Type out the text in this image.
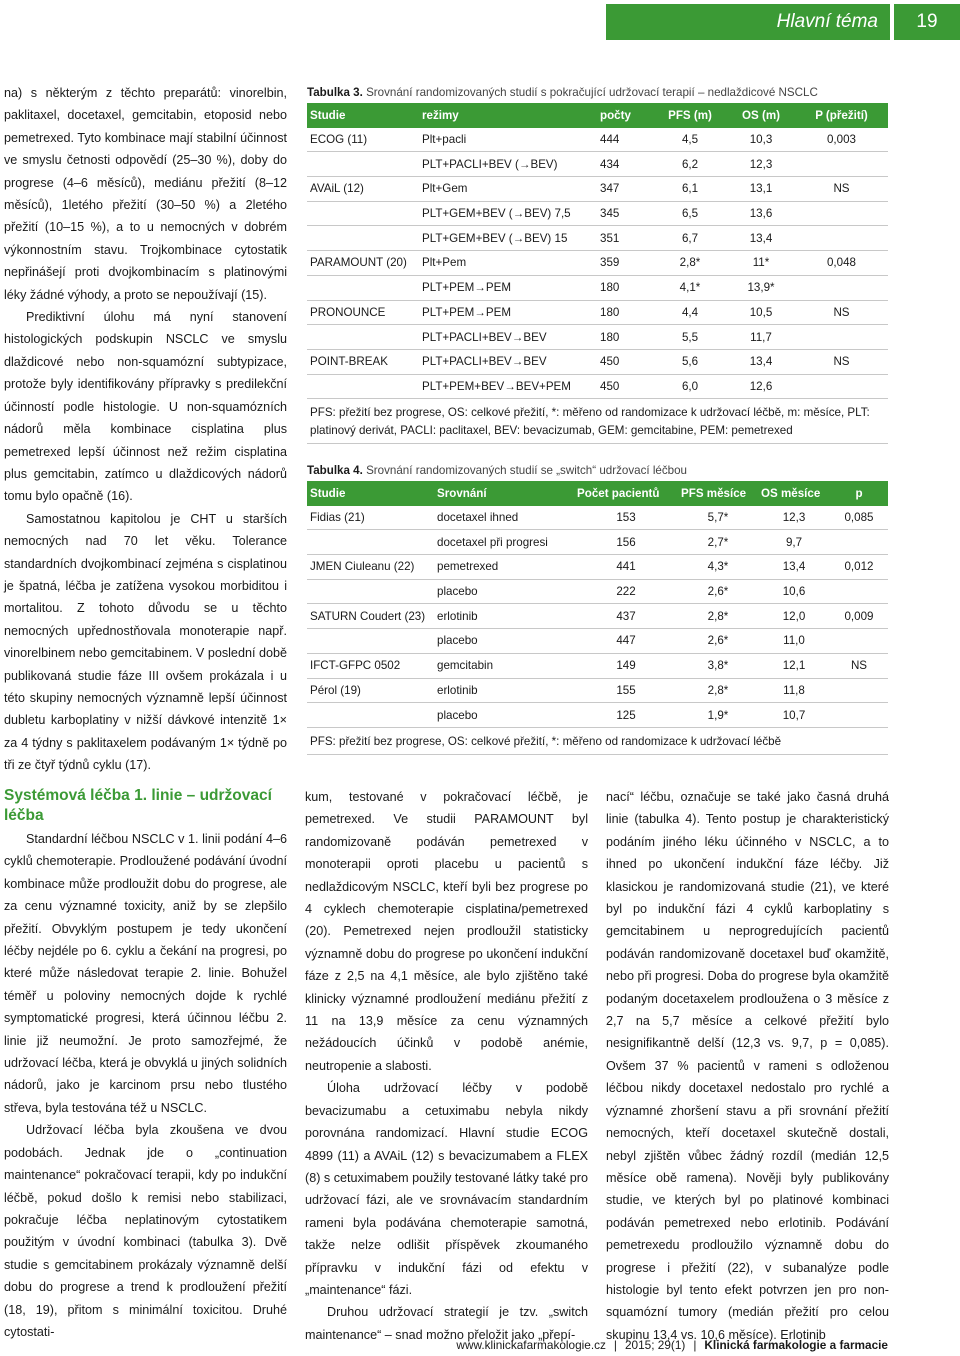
Hlavní téma	19

na) s některým z těchto preparátů: vinorelbin, paklitaxel, docetaxel, gemcitabin, etoposid nebo pemetrexed. Tyto kombinace mají stabilní účinnost ve smyslu četnosti odpovědí (25–30 %), doby do progrese (4–6 měsíců), mediánu přežití (8–12 měsíců), 1letého přežití (30–50 %) a 2letého přežití (10–15 %), a to u nemocných v dobrém výkonnostním stavu. Trojkombinace cytostatik nepřinášejí proti dvojkombinacím s platinovými léky žádné výhody, a proto se nepoužívají (15).

Prediktivní úlohu má nyní stanovení histologických podskupin NSCLC ve smyslu dlaždicové nebo non-squamózní subtypizace, protože byly identifikovány přípravky s predilekční účinností podle histologie. U non-squamózních nádorů měla kombinace cisplatina plus pemetrexed lepší účinnost než režim cisplatina plus gemcitabin, zatímco u dlaždicových nádorů tomu bylo opačně (16).

Samostatnou kapitolou je CHT u starších nemocných nad 70 let věku. Tolerance standardních dvojkombinací zejména s cisplatinou je špatná, léčba je zatížena vysokou morbiditou i mortalitou. Z tohoto důvodu se u těchto nemocných upřednostňovala monoterapie např. vinorelbinem nebo gemcitabinem. V poslední době publikovaná studie fáze III ovšem prokázala i u této skupiny nemocných významně lepší účinnost dubletu karboplatiny v nižší dávkové intenzitě 1× za 4 týdny s paklitaxelem podávaným 1× týdně po tři ze čtyř týdnů cyklu (17).

Tabulka 3. Srovnání randomizovaných studií s pokračující udržovací terapií – nedlaždicové NSCLC
Studie	režimy	počty	PFS (m)	OS (m)	P (přežití)
ECOG (11)	Plt+pacli	444	4,5	10,3	0,003
PLT+PACLI+BEV (→BEV)	434	6,2	12,3
AVAiL (12)	Plt+Gem	347	6,1	13,1	NS
PLT+GEM+BEV (→BEV) 7,5	345	6,5	13,6
PLT+GEM+BEV (→BEV) 15	351	6,7	13,4
PARAMOUNT (20)	Plt+Pem	359	2,8*	11*	0,048
PLT+PEM→PEM	180	4,1*	13,9*
PRONOUNCE	PLT+PEM→PEM	180	4,4	10,5	NS
PLT+PACLI+BEV→BEV	180	5,5	11,7
POINT-BREAK	PLT+PACLI+BEV→BEV	450	5,6	13,4	NS
PLT+PEM+BEV→BEV+PEM	450	6,0	12,6
PFS: přežití bez progrese, OS: celkové přežití, *: měřeno od randomizace k udržovací léčbě, m: měsíce, PLT: platinový derivát, PACLI: paclitaxel, BEV: bevacizumab, GEM: gemcitabine, PEM: pemetrexed
Tabulka 4. Srovnání randomizovaných studií se „switch“ udržovací léčbou
Studie	Srovnání	Počet pacientů	PFS měsíce	OS měsíce	p
Fidias (21)	docetaxel ihned	153	5,7*	12,3	0,085
docetaxel při progresi	156	2,7*	9,7
JMEN Ciuleanu (22)	pemetrexed	441	4,3*	13,4	0,012
placebo	222	2,6*	10,6
SATURN Coudert (23)	erlotinib	437	2,8*	12,0	0,009
placebo	447	2,6*	11,0
IFCT-GFPC 0502	gemcitabin	149	3,8*	12,1	NS
Pérol (19)	erlotinib	155	2,8*	11,8
placebo	125	1,9*	10,7
PFS: přežití bez progrese, OS: celkové přežití, *: měřeno od randomizace k udržovací léčbě
Systémová léčba 1. linie – udržovací léčba

Standardní léčbou NSCLC v 1. linii podání 4–6 cyklů chemoterapie. Prodloužené podávání úvodní kombinace může prodloužit dobu do progrese, ale za cenu významné toxicity, aniž by se zlepšilo přežití. Obvyklým postupem je tedy ukončení léčby nejdéle po 6. cyklu a čekání na progresi, po které může následovat terapie 2. linie. Bohužel téměř u poloviny nemocných dojde k rychlé symptomatické progresi, která účinnou léčbu 2. linie již neumožní. Je proto samozřejmé, že udržovací léčba, která je obvyklá u jiných solidních nádorů, jako je karcinom prsu nebo tlustého střeva, byla testována též u NSCLC.

Udržovací léčba byla zkoušena ve dvou podobách. Jednak jde o „continuation maintenance“ pokračovací terapii, kdy po indukční léčbě, pokud došlo k remisi nebo stabilizaci, pokračuje léčba neplatinovým cytostatikem použitým v úvodní kombinaci (tabulka 3). Dvě studie s gemcitabinem prokázaly významně delší dobu do progrese a trend k prodloužení přežití (18, 19), přitom s minimální toxicitou. Druhé cytostati-

kum, testované v pokračovací léčbě, je pemetrexed. Ve studii PARAMOUNT byl randomizovaně podáván pemetrexed v monoterapii oproti placebu u pacientů s nedlaždicovým NSCLC, kteří byli bez progrese po 4 cyklech chemoterapie cisplatina/pemetrexed (20). Pemetrexed nejen prodloužil statisticky významně dobu do progrese po ukončení indukční fáze z 2,5 na 4,1 měsíce, ale bylo zjištěno také klinicky významné prodloužení mediánu přežití z 11 na 13,9 měsíce za cenu významných nežádoucích účinků v podobě anémie, neutropenie a slabosti.

Úloha udržovací léčby v podobě bevacizumabu a cetuximabu nebyla nikdy porovnána randomizací. Hlavní studie ECOG 4899 (11) a AVAiL (12) s bevacizumabem a FLEX (8) s cetuximabem použily testované látky také pro udržovací fázi, ale ve srovnávacím standardním rameni byla podávána chemoterapie samotná, takže nelze odlišit příspěvek zkoumaného přípravku v indukční fázi od efektu v „maintenance“ fázi.

Druhou udržovací strategií je tzv. „switch maintenance“ – snad možno přeložit jako „přepí-

nací“ léčbu, označuje se také jako časná druhá linie (tabulka 4). Tento postup je charakteristický podáním jiného léku účinného v NSCLC, a to ihned po ukončení indukční fáze léčby. Již klasickou je randomizovaná studie (21), ve které byl po indukční fázi 4 cyklů karboplatiny s gemcitabinem u neprogredujících pacientů podáván randomizovaně docetaxel buď okamžitě, nebo při progresi. Doba do progrese byla okamžitě podaným docetaxelem prodloužena o 3 měsíce z 2,7 na 5,7 měsíce a celkové přežití bylo nesignifikantně delší (12,3 vs. 9,7, p = 0,085). Ovšem 37 % pacientů v rameni s odloženou léčbou nikdy docetaxel nedostalo pro rychlé a významné zhoršení stavu a při srovnání přežití nemocných, kteří docetaxel skutečně dostali, nebyl zjištěn vůbec žádný rozdíl (medián 12,5 měsíce obě ramena). Nověji byly publikovány studie, ve kterých byl po platinové kombinaci podáván pemetrexed nebo erlotinib. Podávání pemetrexedu prodloužilo významně dobu do progrese i přežití (22), v subanalýze podle histologie byl tento efekt potvrzen jen pro non-squamózní tumory (medián přežití pro celou skupinu 13,4 vs. 10,6 měsíce). Erlotinib

www.klinickafarmakologie.cz | 2015; 29(1) | Klinická farmakologie a farmacie
